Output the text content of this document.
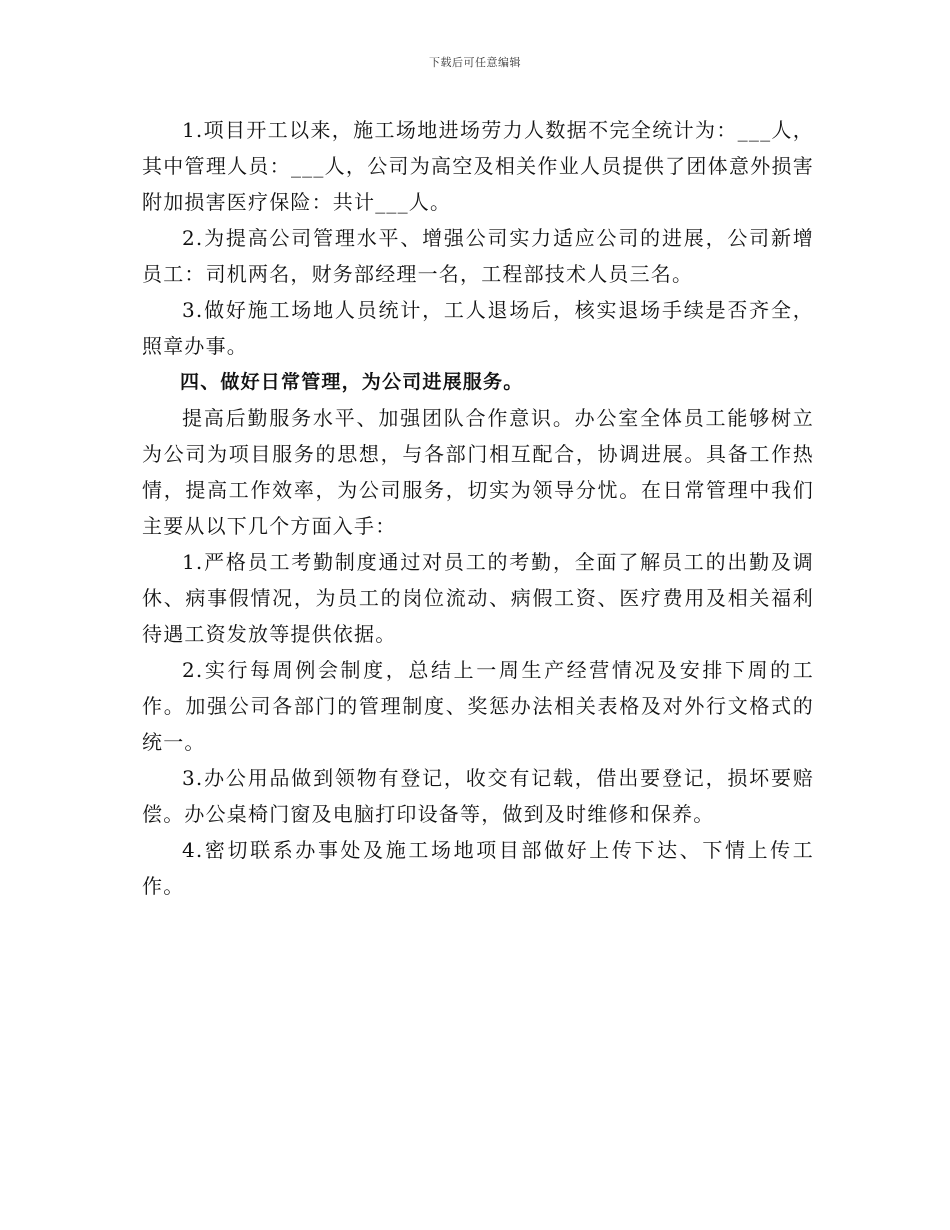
下载后可任意编辑

1.项目开工以来，施工场地进场劳力人数据不完全统计为：___人，其中管理人员：___人，公司为高空及相关作业人员提供了团体意外损害附加损害医疗保险：共计___人。

2.为提高公司管理水平、增强公司实力适应公司的进展，公司新增员工：司机两名，财务部经理一名，工程部技术人员三名。

3.做好施工场地人员统计，工人退场后，核实退场手续是否齐全，照章办事。

四、做好日常管理，为公司进展服务。

提高后勤服务水平、加强团队合作意识。办公室全体员工能够树立为公司为项目服务的思想，与各部门相互配合，协调进展。具备工作热情，提高工作效率，为公司服务，切实为领导分忧。在日常管理中我们主要从以下几个方面入手：

1.严格员工考勤制度通过对员工的考勤，全面了解员工的出勤及调休、病事假情况，为员工的岗位流动、病假工资、医疗费用及相关福利待遇工资发放等提供依据。

2.实行每周例会制度，总结上一周生产经营情况及安排下周的工作。加强公司各部门的管理制度、奖惩办法相关表格及对外行文格式的统一。

3.办公用品做到领物有登记，收交有记载，借出要登记，损坏要赔偿。办公桌椅门窗及电脑打印设备等，做到及时维修和保养。

4.密切联系办事处及施工场地项目部做好上传下达、下情上传工作。
